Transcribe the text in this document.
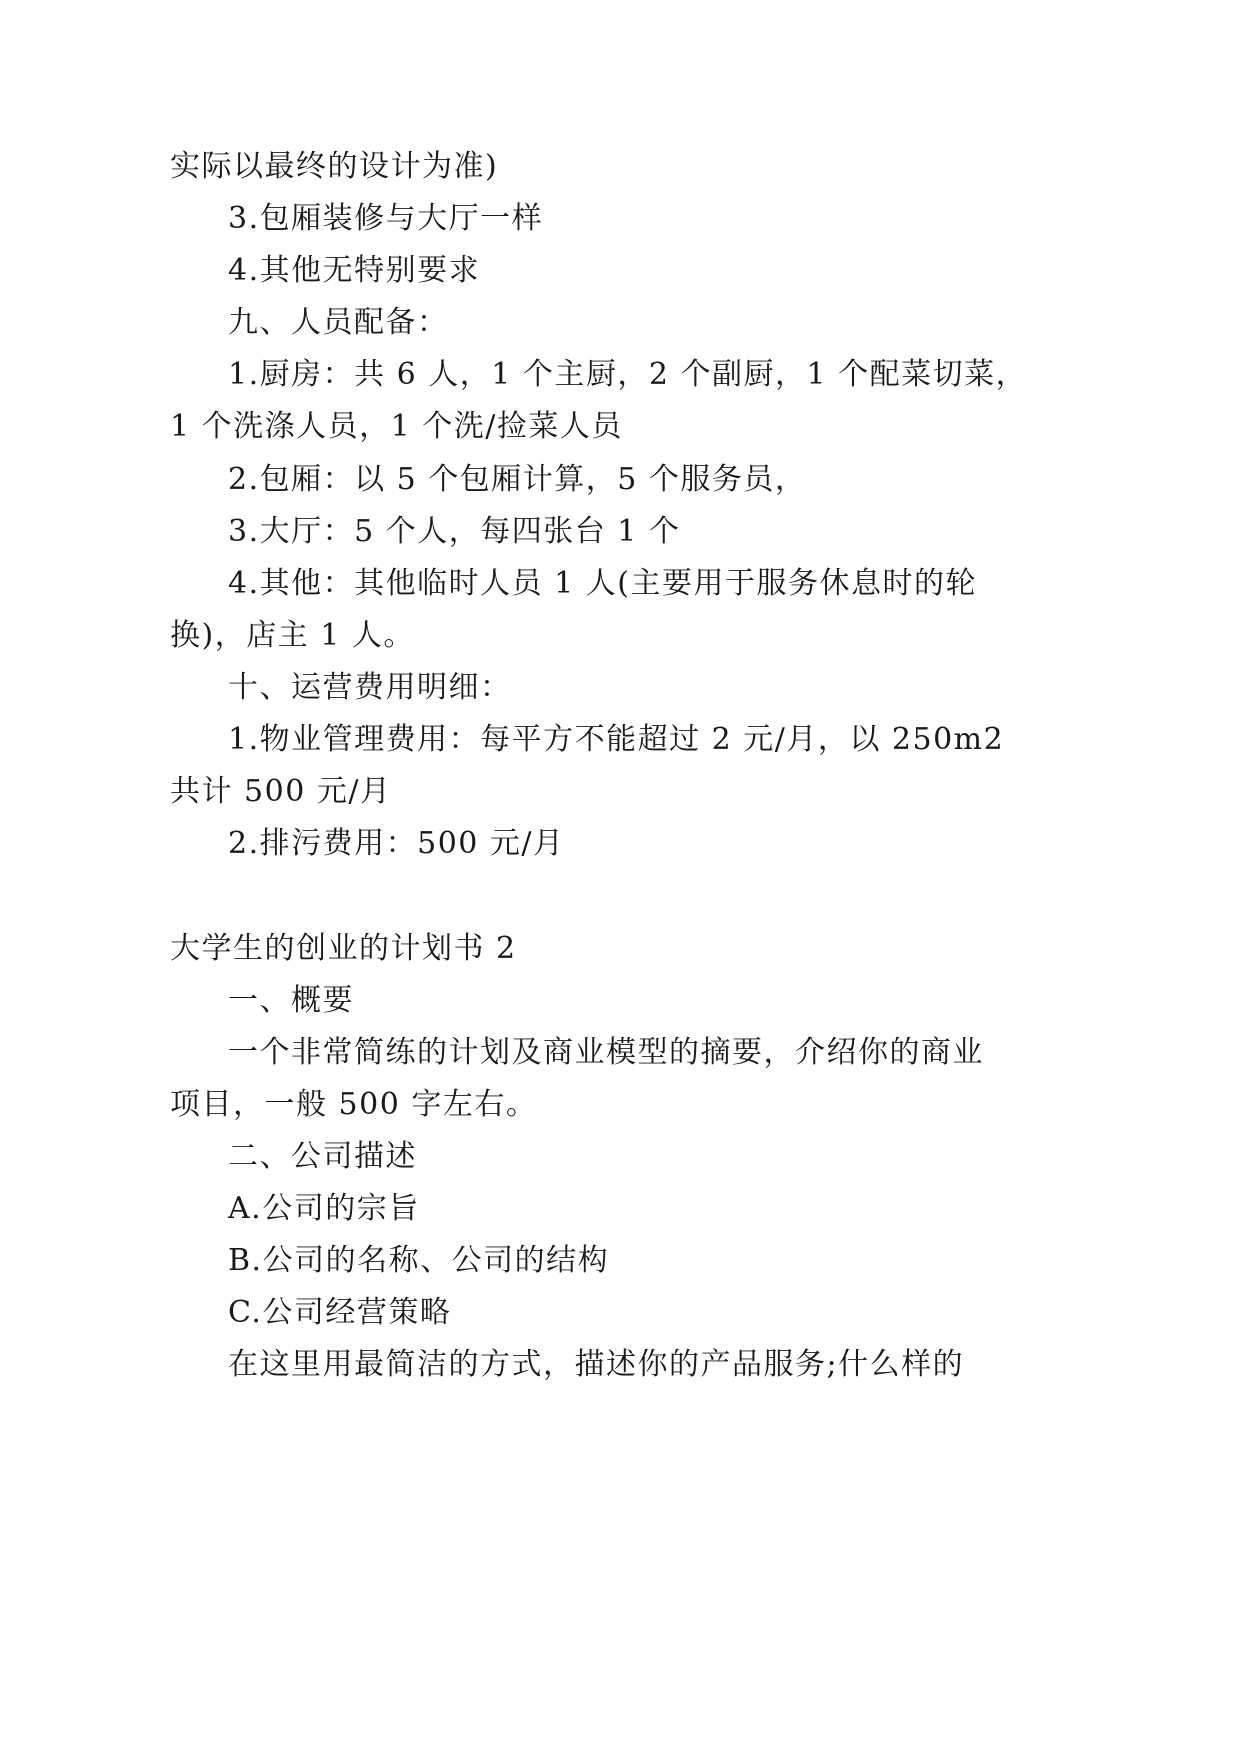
实际以最终的设计为准)
3.包厢装修与大厅一样
4.其他无特别要求
九、人员配备：
1.厨房：共 6 人，1 个主厨，2 个副厨，1 个配菜切菜，
1 个洗涤人员，1 个洗/捡菜人员
2.包厢：以 5 个包厢计算，5 个服务员，
3.大厅：5 个人，每四张台 1 个
4.其他：其他临时人员 1 人(主要用于服务休息时的轮
换)，店主 1 人。
十、运营费用明细：
1.物业管理费用：每平方不能超过 2 元/月，以 250m2
共计 500 元/月
2.排污费用：500 元/月
大学生的创业的计划书 2
一、概要
一个非常简练的计划及商业模型的摘要，介绍你的商业
项目，一般 500 字左右。
二、公司描述
A.公司的宗旨
B.公司的名称、公司的结构
C.公司经营策略
在这里用最简洁的方式，描述你的产品服务;什么样的
